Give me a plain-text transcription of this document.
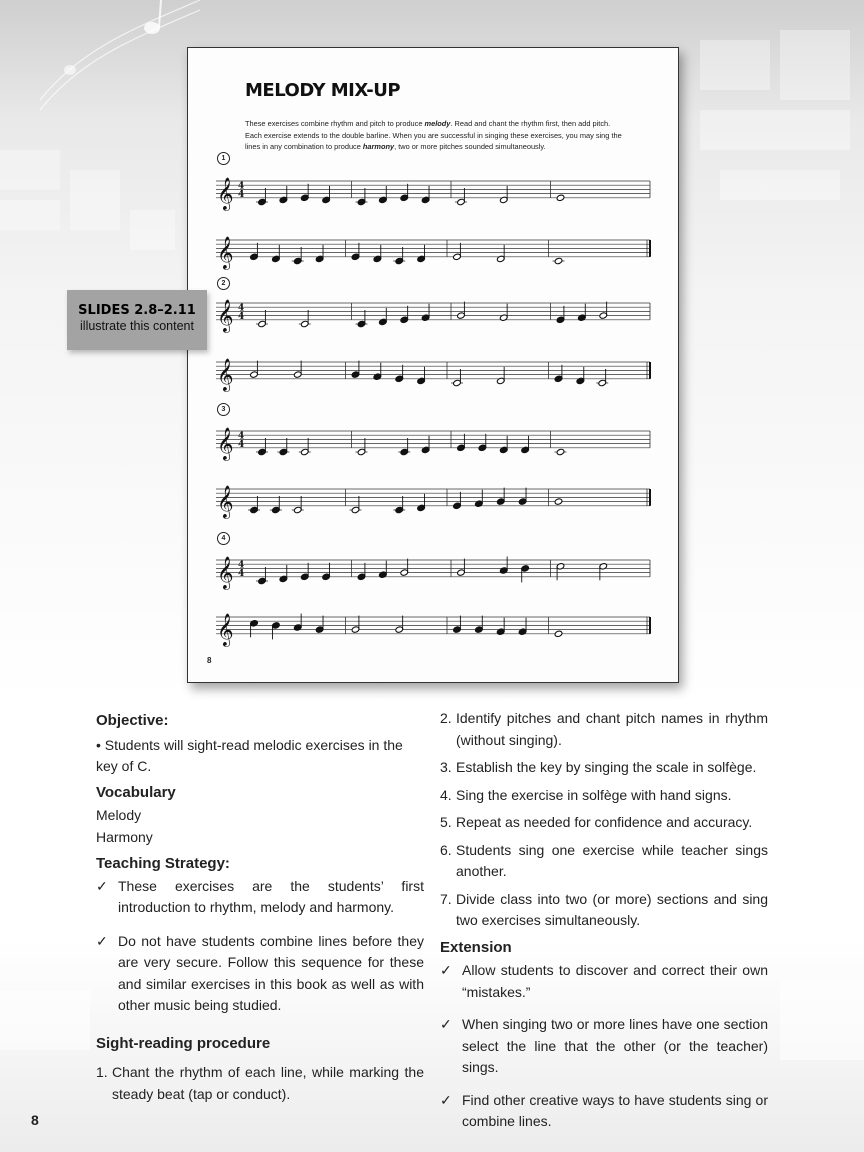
MELODY MIX-UP
These exercises combine rhythm and pitch to produce melody. Read and chant the rhythm first, then add pitch. Each exercise extends to the double barline. When you are successful in singing these exercises, you may sing the lines in any combination to produce harmony, two or more pitches sounded simultaneously.
1
2
3
4
𝄞 4
4
𝄞
𝄞 4
4
𝄞
𝄞 4
4
𝄞
𝄞 4
4
𝄞
8
SLIDES 2.8–2.11
illustrate this content
Objective:

• Students will sight-read melodic exercises in the key of C.

Vocabulary

Melody

Harmony

Teaching Strategy:
✓ These exercises are the students’ first introduction to rhythm, melody and harmony.
✓ Do not have students combine lines before they are very secure. Follow this sequence for these and similar exercises in this book as well as with other music being studied.
Sight-reading procedure
1. Chant the rhythm of each line, while marking the steady beat (tap or conduct).
2. Identify pitches and chant pitch names in rhythm (without singing).
3. Establish the key by singing the scale in solfège.
4. Sing the exercise in solfège with hand signs.
5. Repeat as needed for confidence and accuracy.
6. Students sing one exercise while teacher sings another.
7. Divide class into two (or more) sections and sing two exercises simultaneously.
Extension
✓ Allow students to discover and correct their own “mistakes.”
✓ When singing two or more lines have one section select the line that the other (or the teacher) sings.
✓ Find other creative ways to have students sing or combine lines.
8
